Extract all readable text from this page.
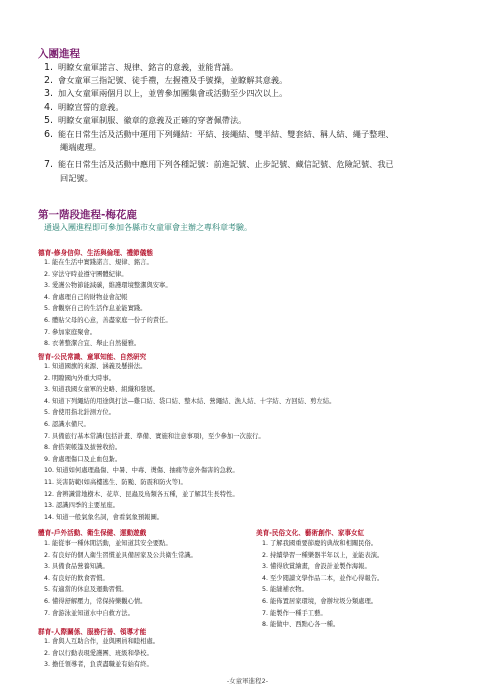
入團進程
1. 明瞭女童軍諾言、規律、銘言的意義，並能背誦。
2. 會女童軍三指記號、徒手禮，左握禮及手號操，並瞭解其意義。
3. 加入女童軍兩個月以上，並曾參加團集會或活動至少四次以上。
4. 明瞭宣誓的意義。
5. 明瞭女童軍制服、徽章的意義及正確的穿著佩帶法。
6. 能在日常生活及活動中運用下列繩結：平結、接繩結、雙半結、雙套結、稱人結、繩子整理、
繩端處理。
7. 能在日常生活及活動中應用下列各種記號：前進記號、止步記號、藏信記號、危險記號、我已
回記號。
第一階段進程-梅花鹿
通過入團進程即可參加各縣市女童軍會主辦之專科章考驗。
德育-修身信仰、生活與倫理、禮節儀態
1. 能在生活中實踐諾言、規律、銘言。
2. 穿法守時並遵守團體紀律。
3. 愛護公物節能減碳，維護環境整潔與安寧。
4. 會處理自己的財物並會記帳
5. 會觀察自己的生活作息並能實踐。
6. 體貼父母的心意，善盡家庭一份子的責任。
7. 參加家庭聚會。
8. 衣著整潔合宜、舉止自然優雅。
智育-公民常識、童軍知能、自然研究
1. 知道國旗的來源、涵義及懸掛法。
2. 明瞭國內外重大時事。
3. 知道我國女童軍的史略、組織和發展。
4. 知道下列繩結的用途與打法—雞口結、袋口結、整木結、營繩結、漁人結、十字結、方回結、剪左結。
5. 會使用指北針測方位。
6. 認識水備尺。
7. 具備旅行基本常識(包括計畫、準備、實施和注意事項)，至少參加一次旅行。
8. 會搭架帳篷及拔營收拾。
9. 會處理傷口及止血包紮。
10. 知道如何處理蟲傷、中暑、中毒、燙傷、抽痛等意外傷害的急救。
11. 災害防範(如高樓逃生、防颱、防震和防火等)。
12. 會辨識當地樹木、花草、昆蟲及鳥類各五種，並了解其生長特性。
13. 認識四季的主要星座。
14. 知道一般氣象名詞，會看氣象預報圖。
體育-戶外活動、衛生保健、運動遊戲
1. 能從事一種休閒活動，並知道其安全要點。
2. 有良好的個人衛生習慣並具備居家及公共衛生常識。
3. 具備食品營養知識。
4. 有良好的飲食習慣。
5. 有適當的休息及運動習慣。
6. 懂得舒解壓力，常保持樂觀心情。
7. 會游泳並知道水中自救方法。
美育-民俗文化、藝術創作、家事女紅
1. 了解我國重要節慶的典故和相關民俗。
2. 持續學習一種樂器半年以上，並能表演。
3. 懂得欣賞繪畫，會設計並製作海報。
4. 至少閱讀文學作品二本，並作心得報告。
5. 能縫補衣物。
6. 能佈置居家環境，會辦垃圾分類處理。
7. 能製作一種手工藝。
8. 能做中、西點心各一種。
群育-人際關係、服務行善、領導才能
1. 會與人互助合作，並與團員和睦相處。
2. 會以行動表現愛護團、班級和學校。
3. 擔任領導者，負責盡職並有始有終。
-女童軍進程2-
